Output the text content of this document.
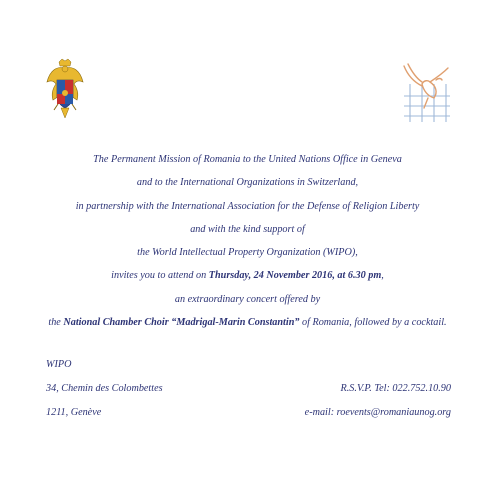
The Permanent Mission of Romania to the United Nations Office in Geneva
and to the International Organizations in Switzerland,
in partnership with the International Association for the Defense of Religion Liberty
and with the kind support of
the World Intellectual Property Organization (WIPO),
invites you to attend on Thursday, 24 November 2016, at 6.30 pm,
an extraordinary concert offered by
the National Chamber Choir “Madrigal-Marin Constantin” of Romania, followed by a cocktail.
WIPO
34, Chemin des Colombettes
1211, Genève
R.S.V.P. Tel: 022.752.10.90
e-mail: roevents@romaniaunog.org
